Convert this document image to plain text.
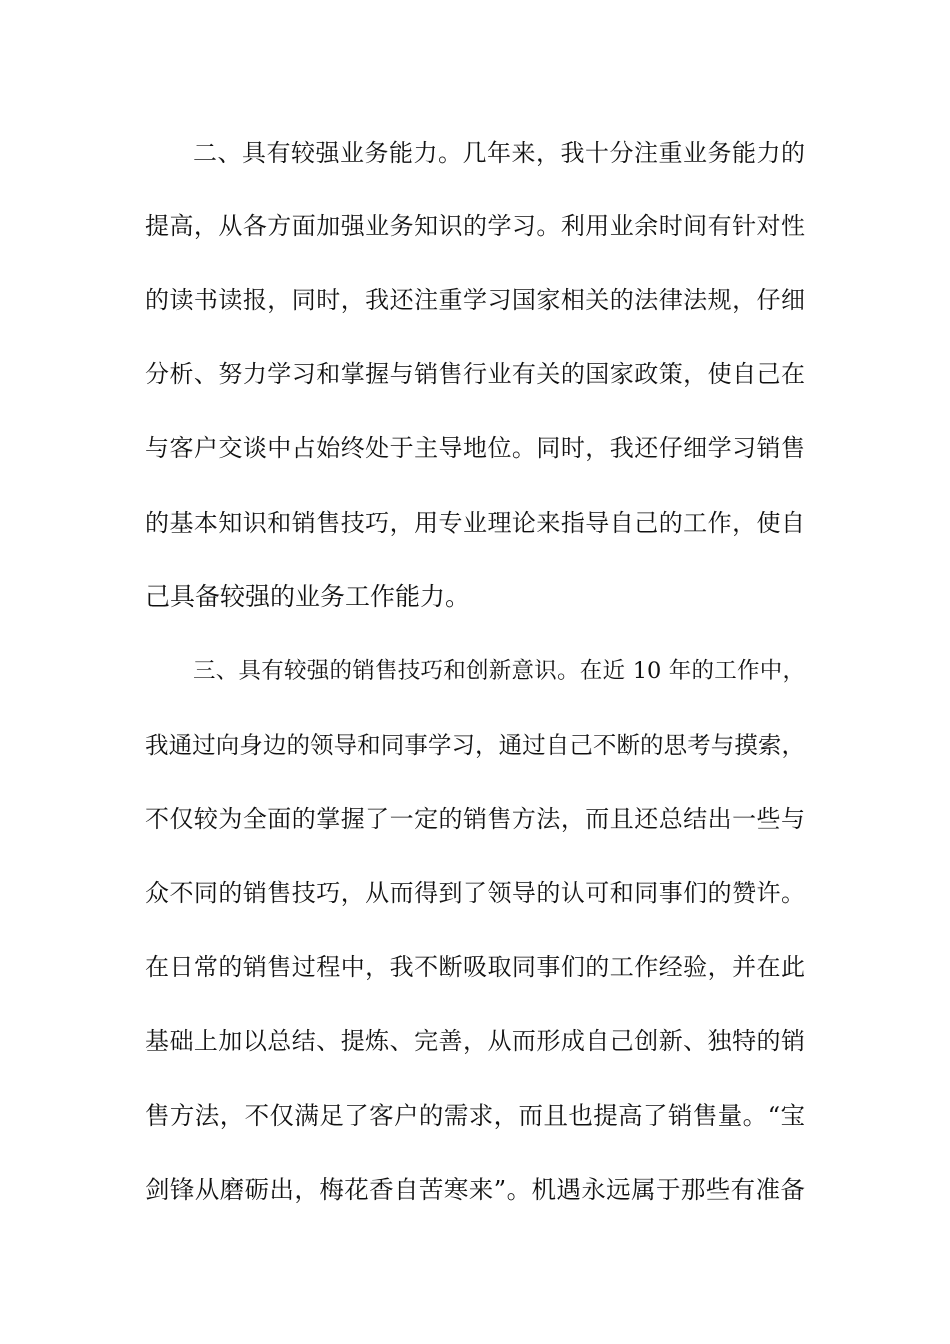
二、具有较强业务能力。几年来，我十分注重业务能力的
提高，从各方面加强业务知识的学习。利用业余时间有针对性
的读书读报，同时，我还注重学习国家相关的法律法规，仔细
分析、努力学习和掌握与销售行业有关的国家政策，使自己在
与客户交谈中占始终处于主导地位。同时，我还仔细学习销售
的基本知识和销售技巧，用专业理论来指导自己的工作，使自
己具备较强的业务工作能力。
三、具有较强的销售技巧和创新意识。在近 10 年的工作中，
我通过向身边的领导和同事学习，通过自己不断的思考与摸索，
不仅较为全面的掌握了一定的销售方法，而且还总结出一些与
众不同的销售技巧，从而得到了领导的认可和同事们的赞许。
在日常的销售过程中，我不断吸取同事们的工作经验，并在此
基础上加以总结、提炼、完善，从而形成自己创新、独特的销
售方法，不仅满足了客户的需求，而且也提高了销售量。“宝
剑锋从磨砺出，梅花香自苦寒来”。机遇永远属于那些有准备
